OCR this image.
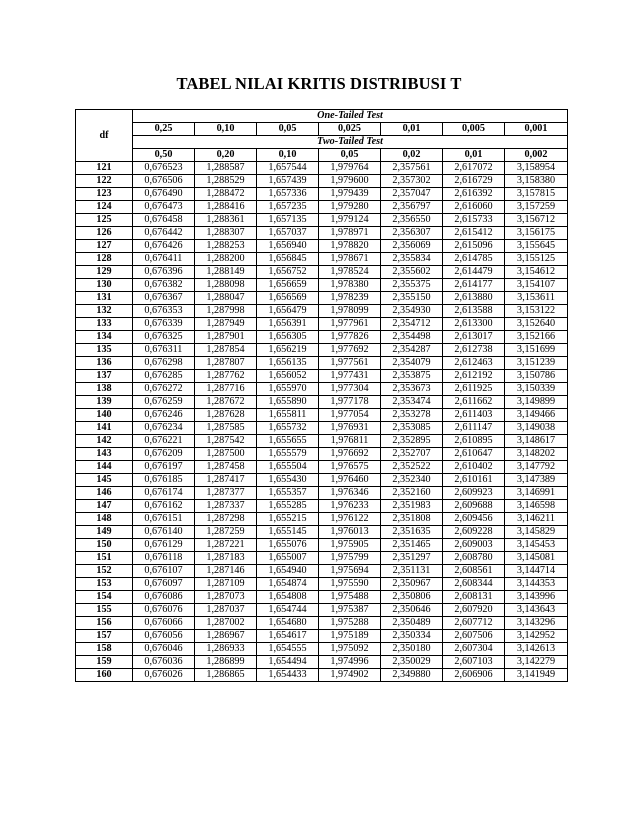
TABEL NILAI KRITIS DISTRIBUSI T
df	One-Tailed Test						
	0,25	0,10	0,05	0,025	0,01	0,005	0,001
	Two-Tailed Test						
	0,50	0,20	0,10	0,05	0,02	0,01	0,002
121	0,676523	1,288587	1,657544	1,979764	2,357561	2,617072	3,158954
122	0,676506	1,288529	1,657439	1,979600	2,357302	2,616729	3,158380
123	0,676490	1,288472	1,657336	1,979439	2,357047	2,616392	3,157815
124	0,676473	1,288416	1,657235	1,979280	2,356797	2,616060	3,157259
125	0,676458	1,288361	1,657135	1,979124	2,356550	2,615733	3,156712
126	0,676442	1,288307	1,657037	1,978971	2,356307	2,615412	3,156175
127	0,676426	1,288253	1,656940	1,978820	2,356069	2,615096	3,155645
128	0,676411	1,288200	1,656845	1,978671	2,355834	2,614785	3,155125
129	0,676396	1,288149	1,656752	1,978524	2,355602	2,614479	3,154612
130	0,676382	1,288098	1,656659	1,978380	2,355375	2,614177	3,154107
131	0,676367	1,288047	1,656569	1,978239	2,355150	2,613880	3,153611
132	0,676353	1,287998	1,656479	1,978099	2,354930	2,613588	3,153122
133	0,676339	1,287949	1,656391	1,977961	2,354712	2,613300	3,152640
134	0,676325	1,287901	1,656305	1,977826	2,354498	2,613017	3,152166
135	0,676311	1,287854	1,656219	1,977692	2,354287	2,612738	3,151699
136	0,676298	1,287807	1,656135	1,977561	2,354079	2,612463	3,151239
137	0,676285	1,287762	1,656052	1,977431	2,353875	2,612192	3,150786
138	0,676272	1,287716	1,655970	1,977304	2,353673	2,611925	3,150339
139	0,676259	1,287672	1,655890	1,977178	2,353474	2,611662	3,149899
140	0,676246	1,287628	1,655811	1,977054	2,353278	2,611403	3,149466
141	0,676234	1,287585	1,655732	1,976931	2,353085	2,611147	3,149038
142	0,676221	1,287542	1,655655	1,976811	2,352895	2,610895	3,148617
143	0,676209	1,287500	1,655579	1,976692	2,352707	2,610647	3,148202
144	0,676197	1,287458	1,655504	1,976575	2,352522	2,610402	3,147792
145	0,676185	1,287417	1,655430	1,976460	2,352340	2,610161	3,147389
146	0,676174	1,287377	1,655357	1,976346	2,352160	2,609923	3,146991
147	0,676162	1,287337	1,655285	1,976233	2,351983	2,609688	3,146598
148	0,676151	1,287298	1,655215	1,976122	2,351808	2,609456	3,146211
149	0,676140	1,287259	1,655145	1,976013	2,351635	2,609228	3,145829
150	0,676129	1,287221	1,655076	1,975905	2,351465	2,609003	3,145453
151	0,676118	1,287183	1,655007	1,975799	2,351297	2,608780	3,145081
152	0,676107	1,287146	1,654940	1,975694	2,351131	2,608561	3,144714
153	0,676097	1,287109	1,654874	1,975590	2,350967	2,608344	3,144353
154	0,676086	1,287073	1,654808	1,975488	2,350806	2,608131	3,143996
155	0,676076	1,287037	1,654744	1,975387	2,350646	2,607920	3,143643
156	0,676066	1,287002	1,654680	1,975288	2,350489	2,607712	3,143296
157	0,676056	1,286967	1,654617	1,975189	2,350334	2,607506	3,142952
158	0,676046	1,286933	1,654555	1,975092	2,350180	2,607304	3,142613
159	0,676036	1,286899	1,654494	1,974996	2,350029	2,607103	3,142279
160	0,676026	1,286865	1,654433	1,974902	2,349880	2,606906	3,141949
